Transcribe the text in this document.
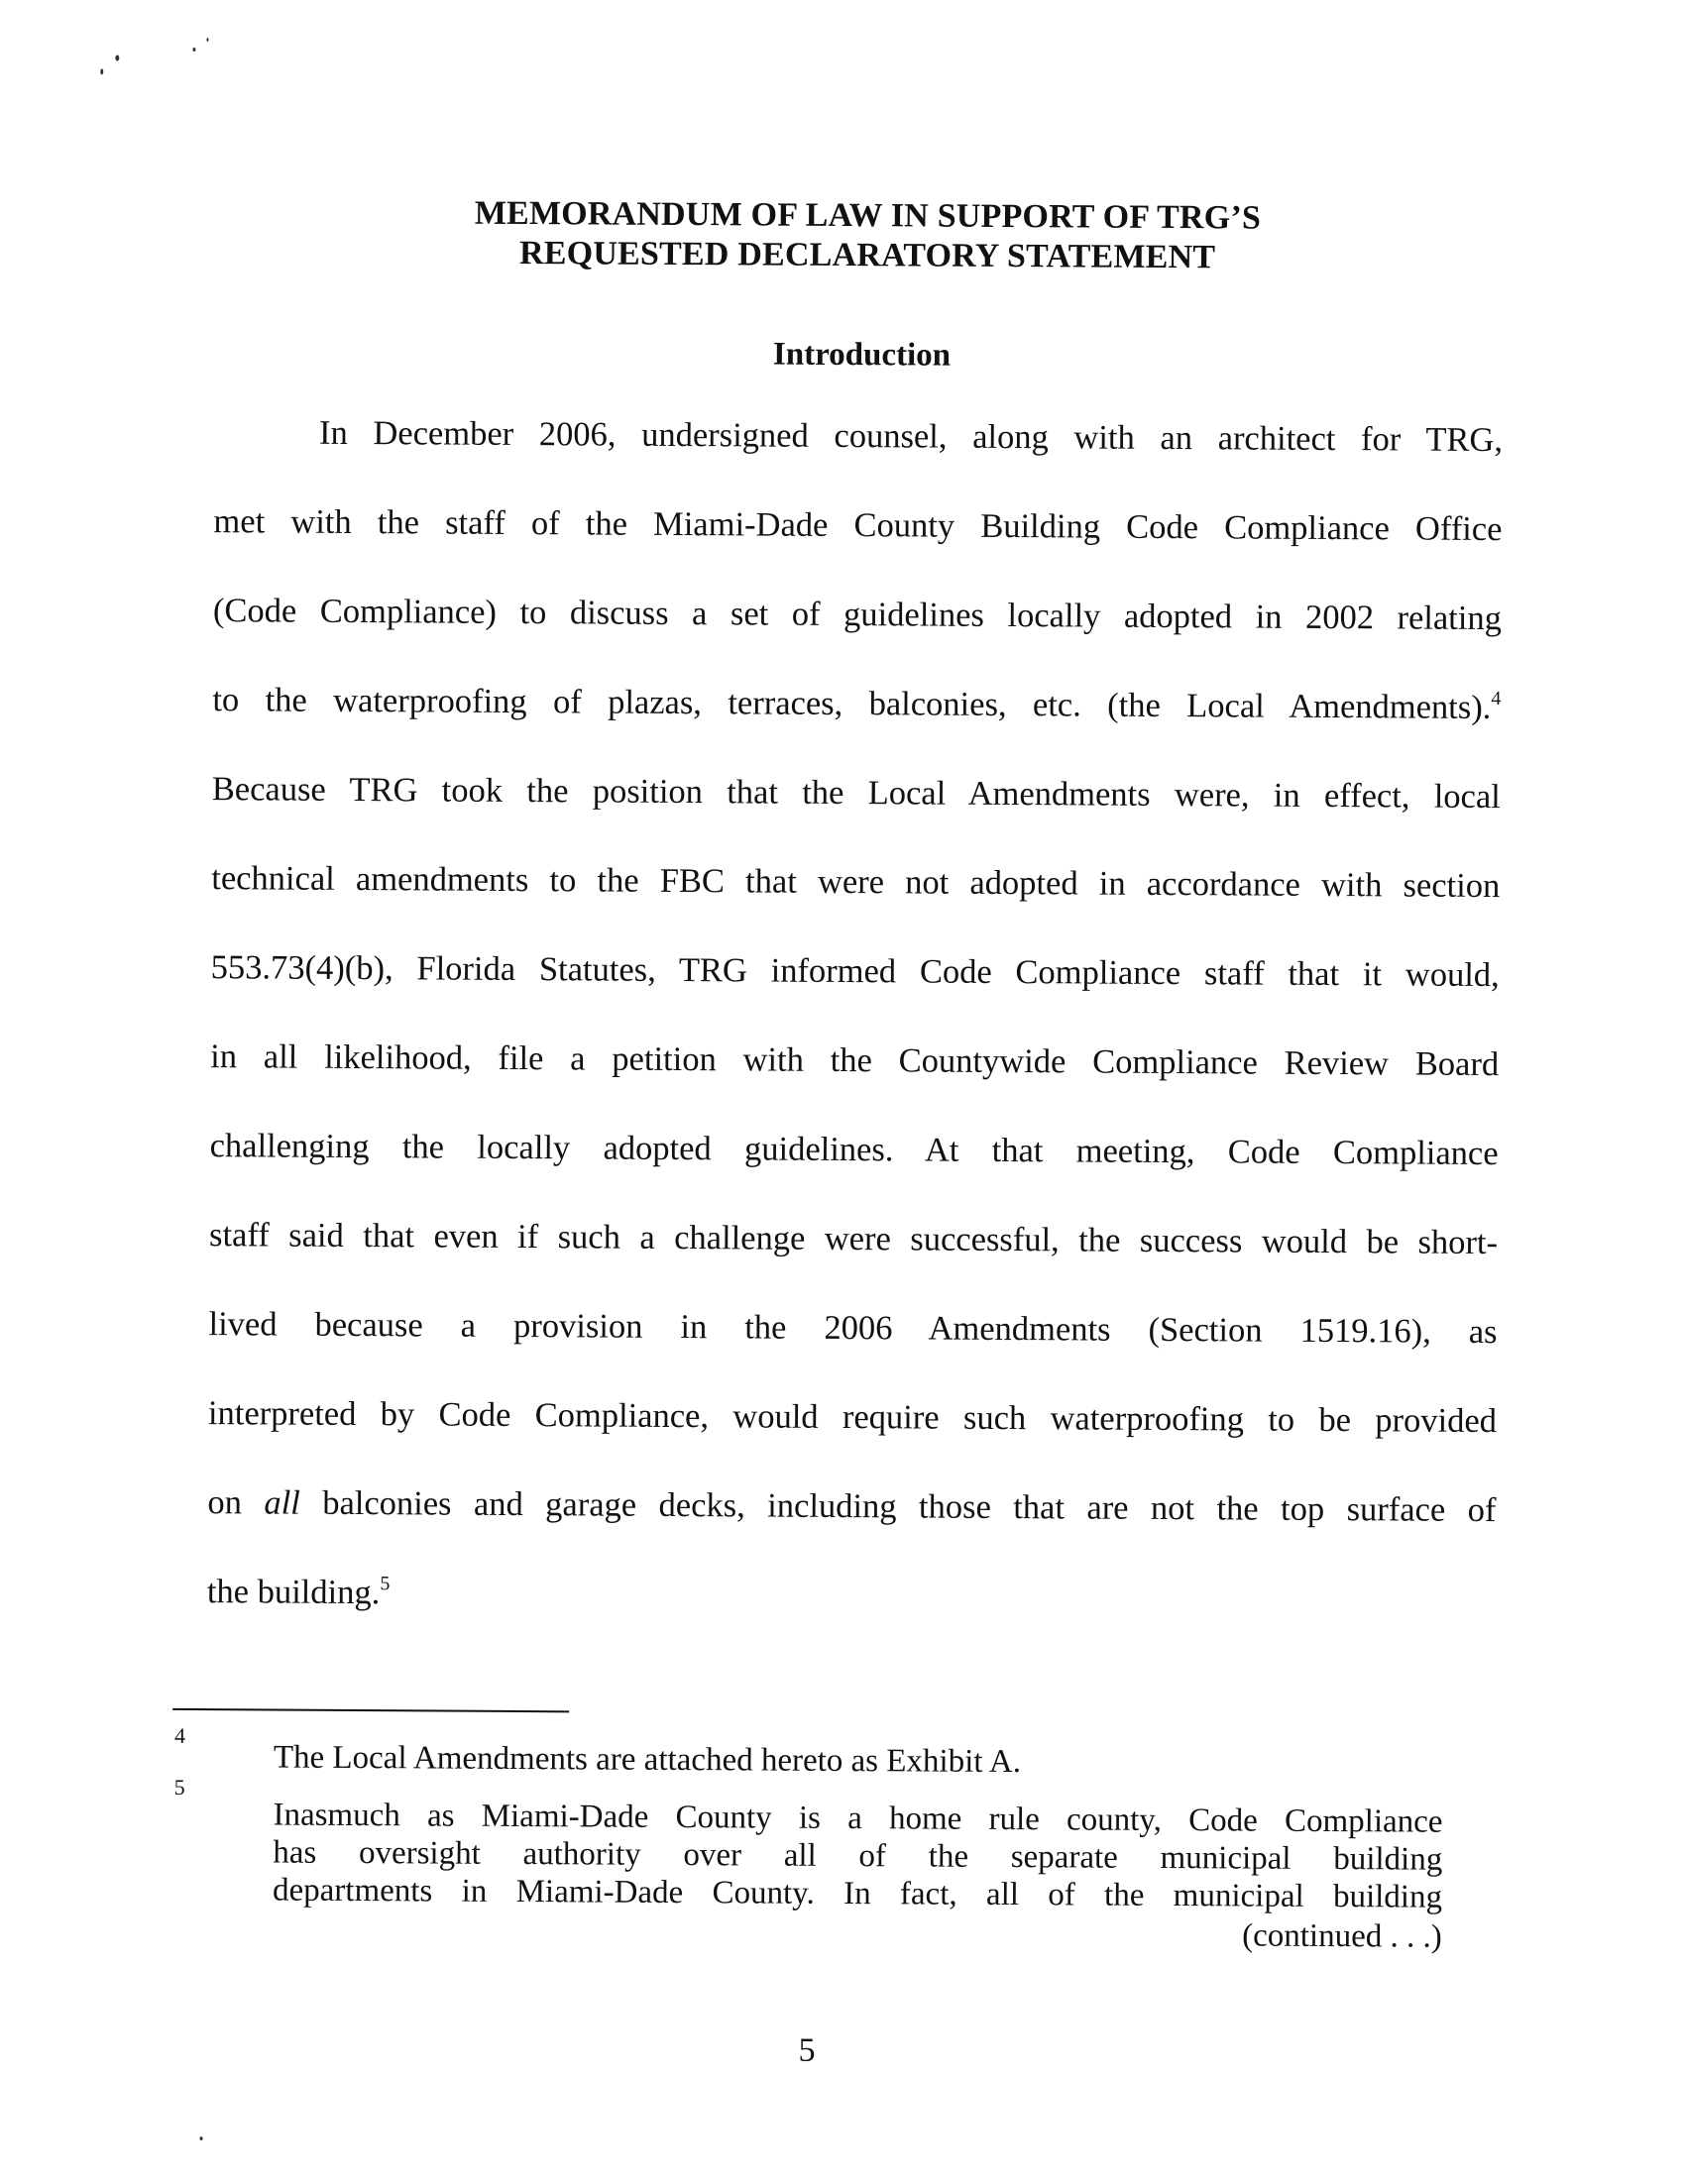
MEMORANDUM OF LAW IN SUPPORT OF TRG’S
REQUESTED DECLARATORY STATEMENT
Introduction
In December 2006, undersigned counsel, along with an architect for TRG,
met with the staff of the Miami-Dade County Building Code Compliance Office
(Code Compliance) to discuss a set of guidelines locally adopted in 2002 relating
to the waterproofing of plazas, terraces, balconies, etc. (the Local Amendments).$^4$
Because TRG took the position that the Local Amendments were, in effect, local
technical amendments to the FBC that were not adopted in accordance with section
553.73(4)(b), Florida Statutes, TRG informed Code Compliance staff that it would,
in all likelihood, file a petition with the Countywide Compliance Review Board
challenging the locally adopted guidelines. At that meeting, Code Compliance
staff said that even if such a challenge were successful, the success would be short-
lived because a provision in the 2006 Amendments (Section 1519.16), as
interpreted by Code Compliance, would require such waterproofing to be provided
on all balconies and garage decks, including those that are not the top surface of
the building.$^5$
4
The Local Amendments are attached hereto as Exhibit A.
5
Inasmuch as Miami-Dade County is a home rule county, Code Compliance
has oversight authority over all of the separate municipal building
departments in Miami-Dade County. In fact, all of the municipal building
(continued . . .)
5
